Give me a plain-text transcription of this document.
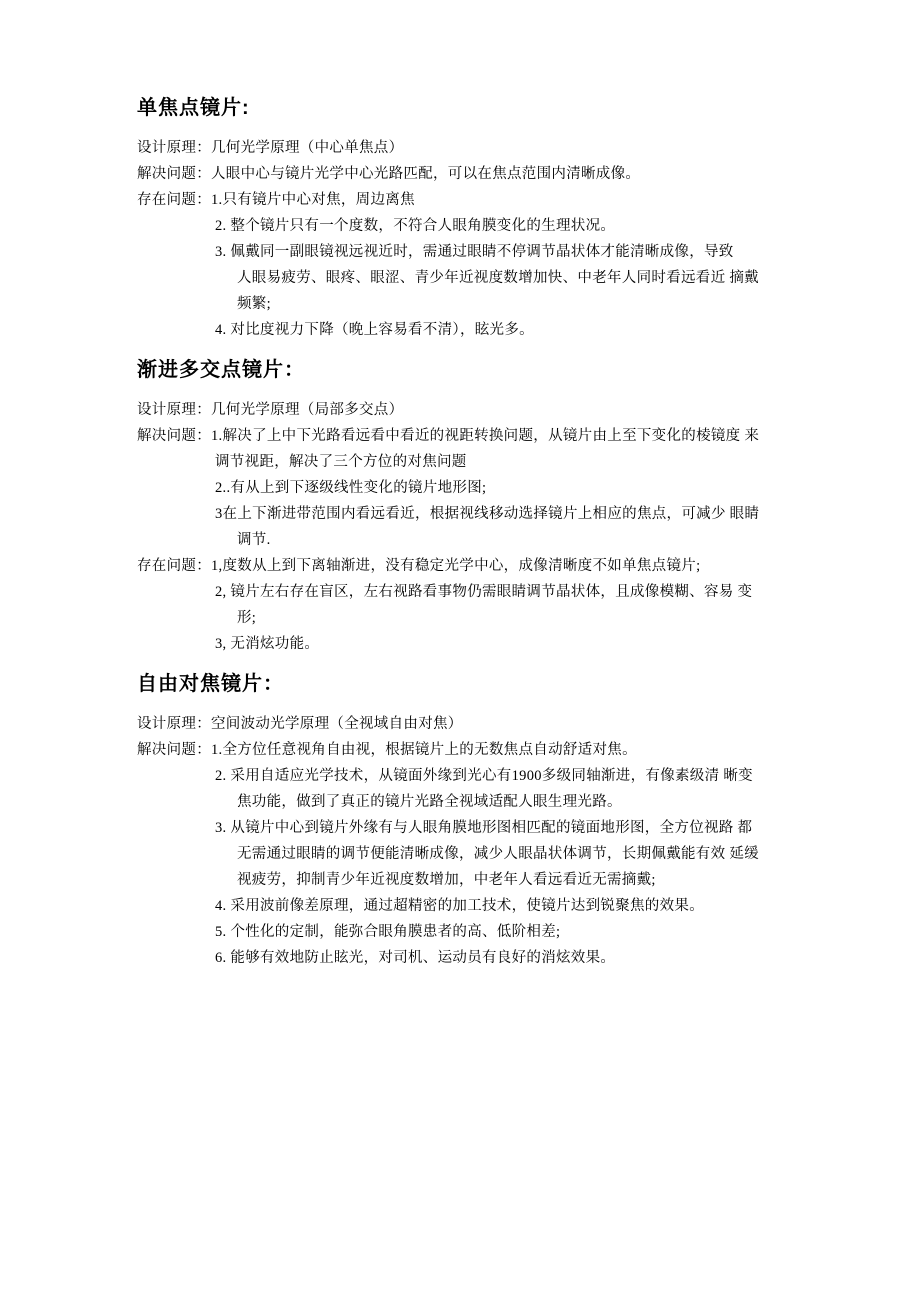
单焦点镜片:
设计原理：几何光学原理（中心单焦点）
解决问题：人眼中心与镜片光学中心光路匹配，可以在焦点范围内清晰成像。
存在问题：1.只有镜片中心对焦，周边离焦
2. 整个镜片只有一个度数，不符合人眼角膜变化的生理状况。
3. 佩戴同一副眼镜视远视近时，需通过眼睛不停调节晶状体才能清晰成像，导致
人眼易疲劳、眼疼、眼涩、青少年近视度数增加快、中老年人同时看远看近 摘戴
频繁;
4. 对比度视力下降（晚上容易看不清），眩光多。
渐进多交点镜片：
设计原理：几何光学原理（局部多交点）
解决问题：1.解决了上中下光路看远看中看近的视距转换问题，从镜片由上至下变化的棱镜度 来
调节视距，解决了三个方位的对焦问题
2..有从上到下逐级线性变化的镜片地形图;
3在上下渐进带范围内看远看近，根据视线移动选择镜片上相应的焦点，可减少 眼睛
调节.
存在问题：1,度数从上到下离轴渐进，没有稳定光学中心，成像清晰度不如单焦点镜片;
2, 镜片左右存在盲区，左右视路看事物仍需眼睛调节晶状体，且成像模糊、容易 变
形;
3, 无消炫功能。
自由对焦镜片：
设计原理：空间波动光学原理（全视域自由对焦）
解决问题：1.全方位任意视角自由视，根据镜片上的无数焦点自动舒适对焦。
2. 采用自适应光学技术，从镜面外缘到光心有1900多级同轴渐进，有像素级清 晰变
焦功能，做到了真正的镜片光路全视域适配人眼生理光路。
3. 从镜片中心到镜片外缘有与人眼角膜地形图相匹配的镜面地形图，全方位视路 都
无需通过眼睛的调节便能清晰成像，减少人眼晶状体调节，长期佩戴能有效 延缓
视疲劳，抑制青少年近视度数增加，中老年人看远看近无需摘戴;
4. 采用波前像差原理，通过超精密的加工技术，使镜片达到锐聚焦的效果。
5. 个性化的定制，能弥合眼角膜患者的高、低阶相差;
6. 能够有效地防止眩光，对司机、运动员有良好的消炫效果。
